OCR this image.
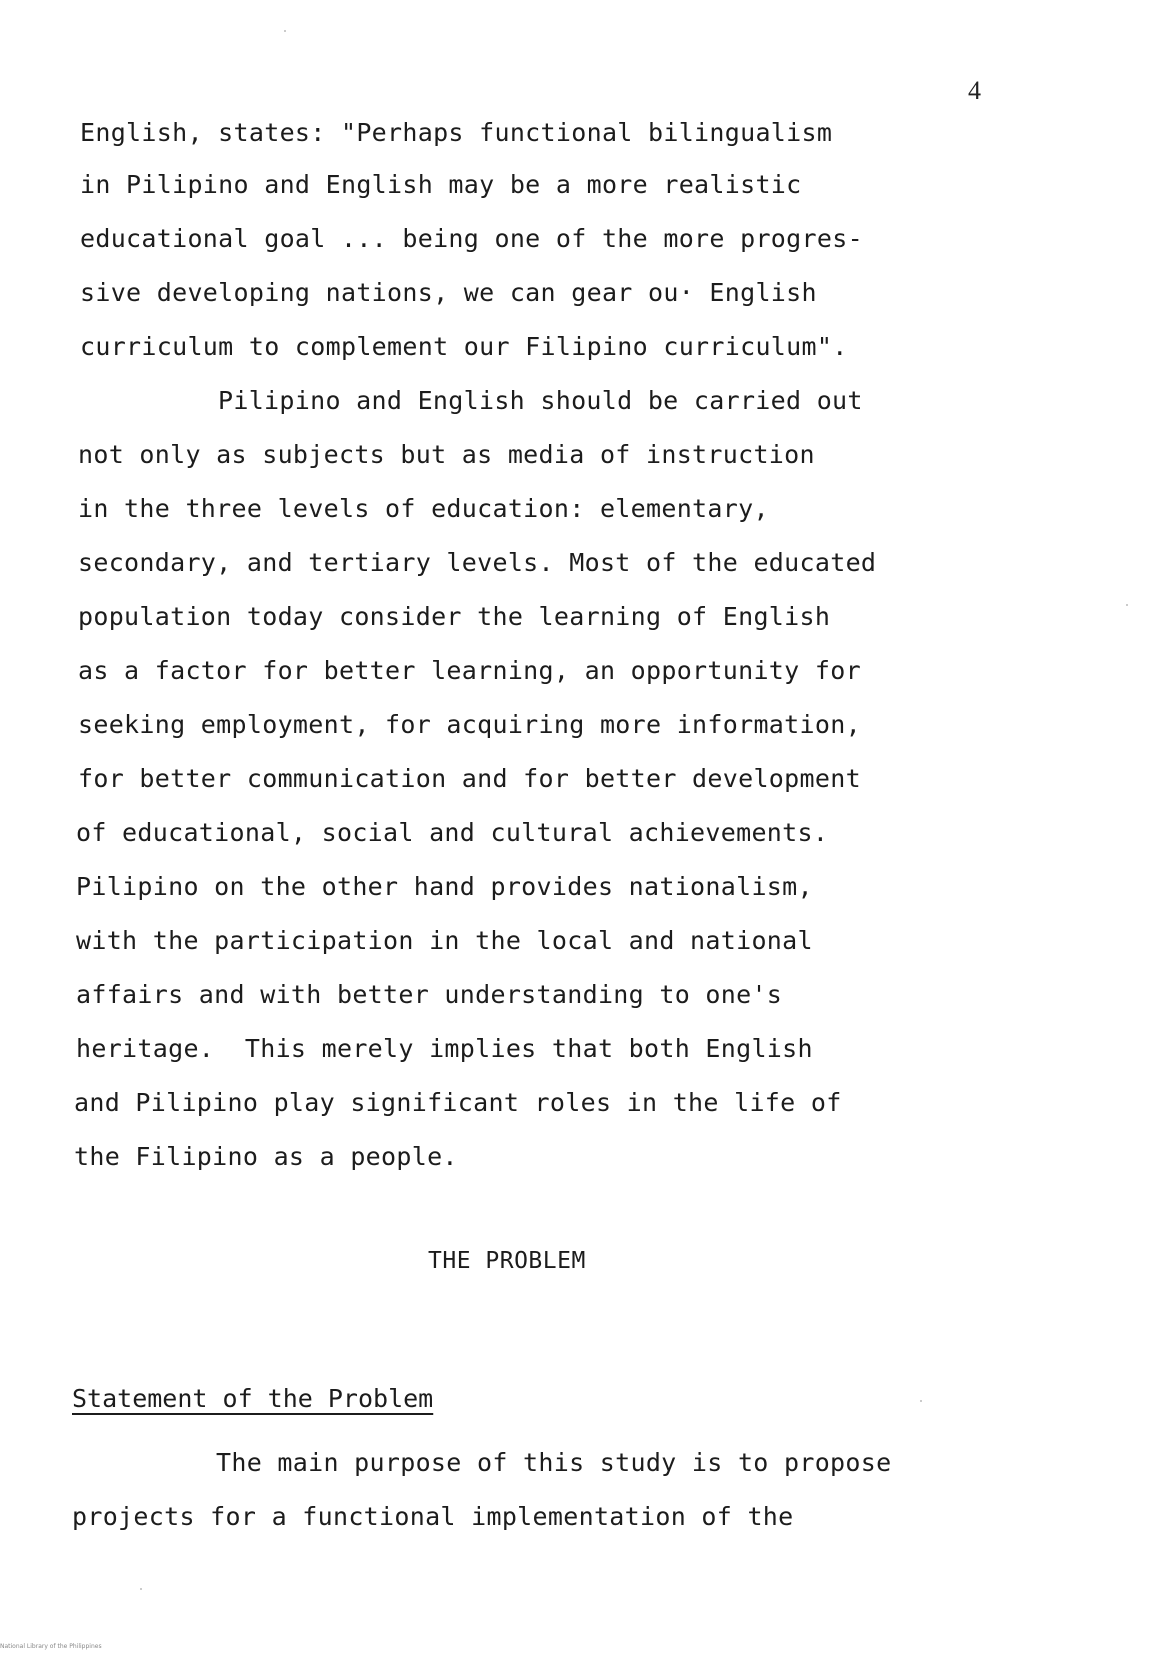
4
English, states: "Perhaps functional bilingualism
in Pilipino and English may be a more realistic
educational goal ... being one of the more progres-
sive developing nations, we can gear ou· English
curriculum to complement our Filipino curriculum".
Pilipino and English should be carried out
not only as subjects but as media of instruction
in the three levels of education: elementary,
secondary, and tertiary levels. Most of the educated
population today consider the learning of English
as a factor for better learning, an opportunity for
seeking employment, for acquiring more information,
for better communication and for better development
of educational, social and cultural achievements.
Pilipino on the other hand provides nationalism,
with the participation in the local and national
affairs and with better understanding to one's
heritage.  This merely implies that both English
and Pilipino play significant roles in the life of
the Filipino as a people.
THE PROBLEM
Statement of the Problem
The main purpose of this study is to propose
projects for a functional implementation of the
National Library of the Philippines
